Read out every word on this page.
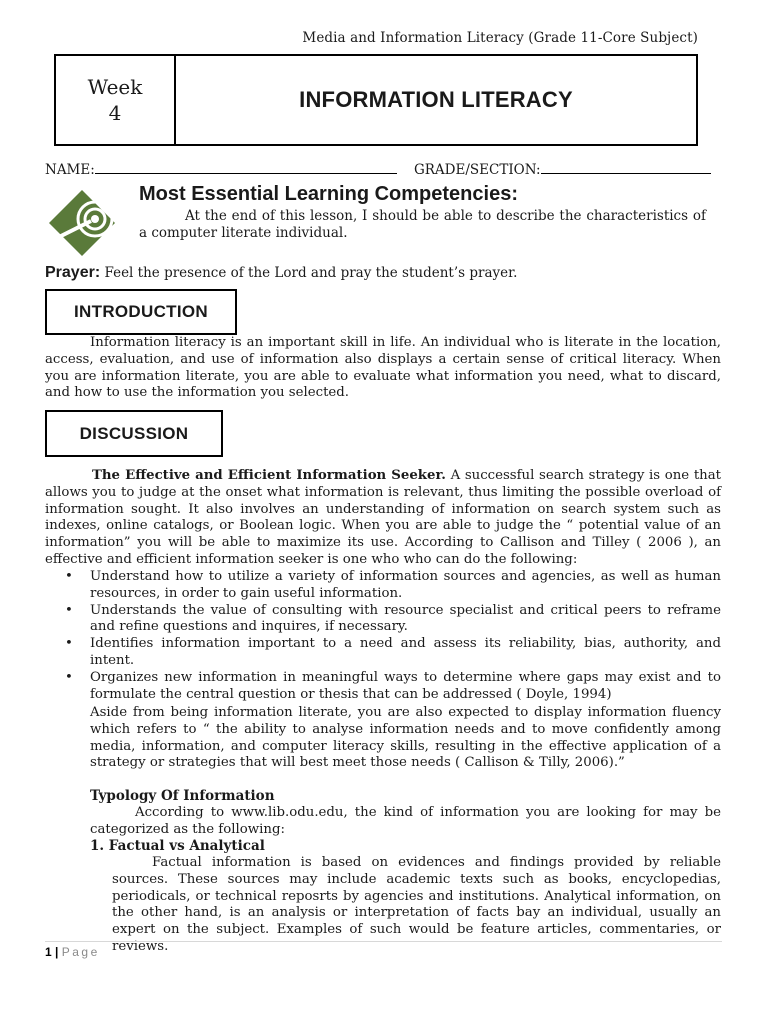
Media and Information Literacy (Grade 11-Core Subject)
Week
4
INFORMATION LITERACY
NAME:	GRADE/SECTION:
Most Essential Learning Competencies:
At the end of this lesson, I should be able to describe the characteristics of a computer literate individual.
Prayer: Feel the presence of the Lord and pray the student’s prayer.
INTRODUCTION
Information literacy is an important skill in life. An individual who is literate in the location, access, evaluation, and use of information also displays a certain sense of critical literacy. When you are information literate, you are able to evaluate what information you need, what to discard, and how to use the information you selected.
DISCUSSION
The Effective and Efficient Information Seeker. A successful search strategy is one that allows you to judge at the onset what information is relevant, thus limiting the possible overload of information sought. It also involves an understanding of information on search system such as indexes, online catalogs, or Boolean logic. When you are able to judge the “ potential value of an information” you will be able to maximize its use. According to Callison and Tilley ( 2006 ), an effective and efficient information seeker is one who who can do the following:
• Understand how to utilize a variety of information sources and agencies, as well as human resources, in order to gain useful information.
• Understands the value of consulting with resource specialist and critical peers to reframe and refine questions and inquires, if necessary.
• Identifies information important to a need and assess its reliability, bias, authority, and intent.
• Organizes new information in meaningful ways to determine where gaps may exist and to formulate the central question or thesis that can be addressed ( Doyle, 1994)
Aside from being information literate, you are also expected to display information fluency which refers to “ the ability to analyse information needs and to move confidently among media, information, and computer literacy skills, resulting in the effective application of a strategy or strategies that will best meet those needs ( Callison & Tilly, 2006).”
Typology Of Information
According to www.lib.odu.edu, the kind of information you are looking for may be categorized as the following:
1. Factual vs Analytical
Factual information is based on evidences and findings provided by reliable sources. These sources may include academic texts such as books, encyclopedias, periodicals, or technical reposrts by agencies and institutions. Analytical information, on the other hand, is an analysis or interpretation of facts bay an individual, usually an expert on the subject. Examples of such would be feature articles, commentaries, or reviews.
1 | Page
